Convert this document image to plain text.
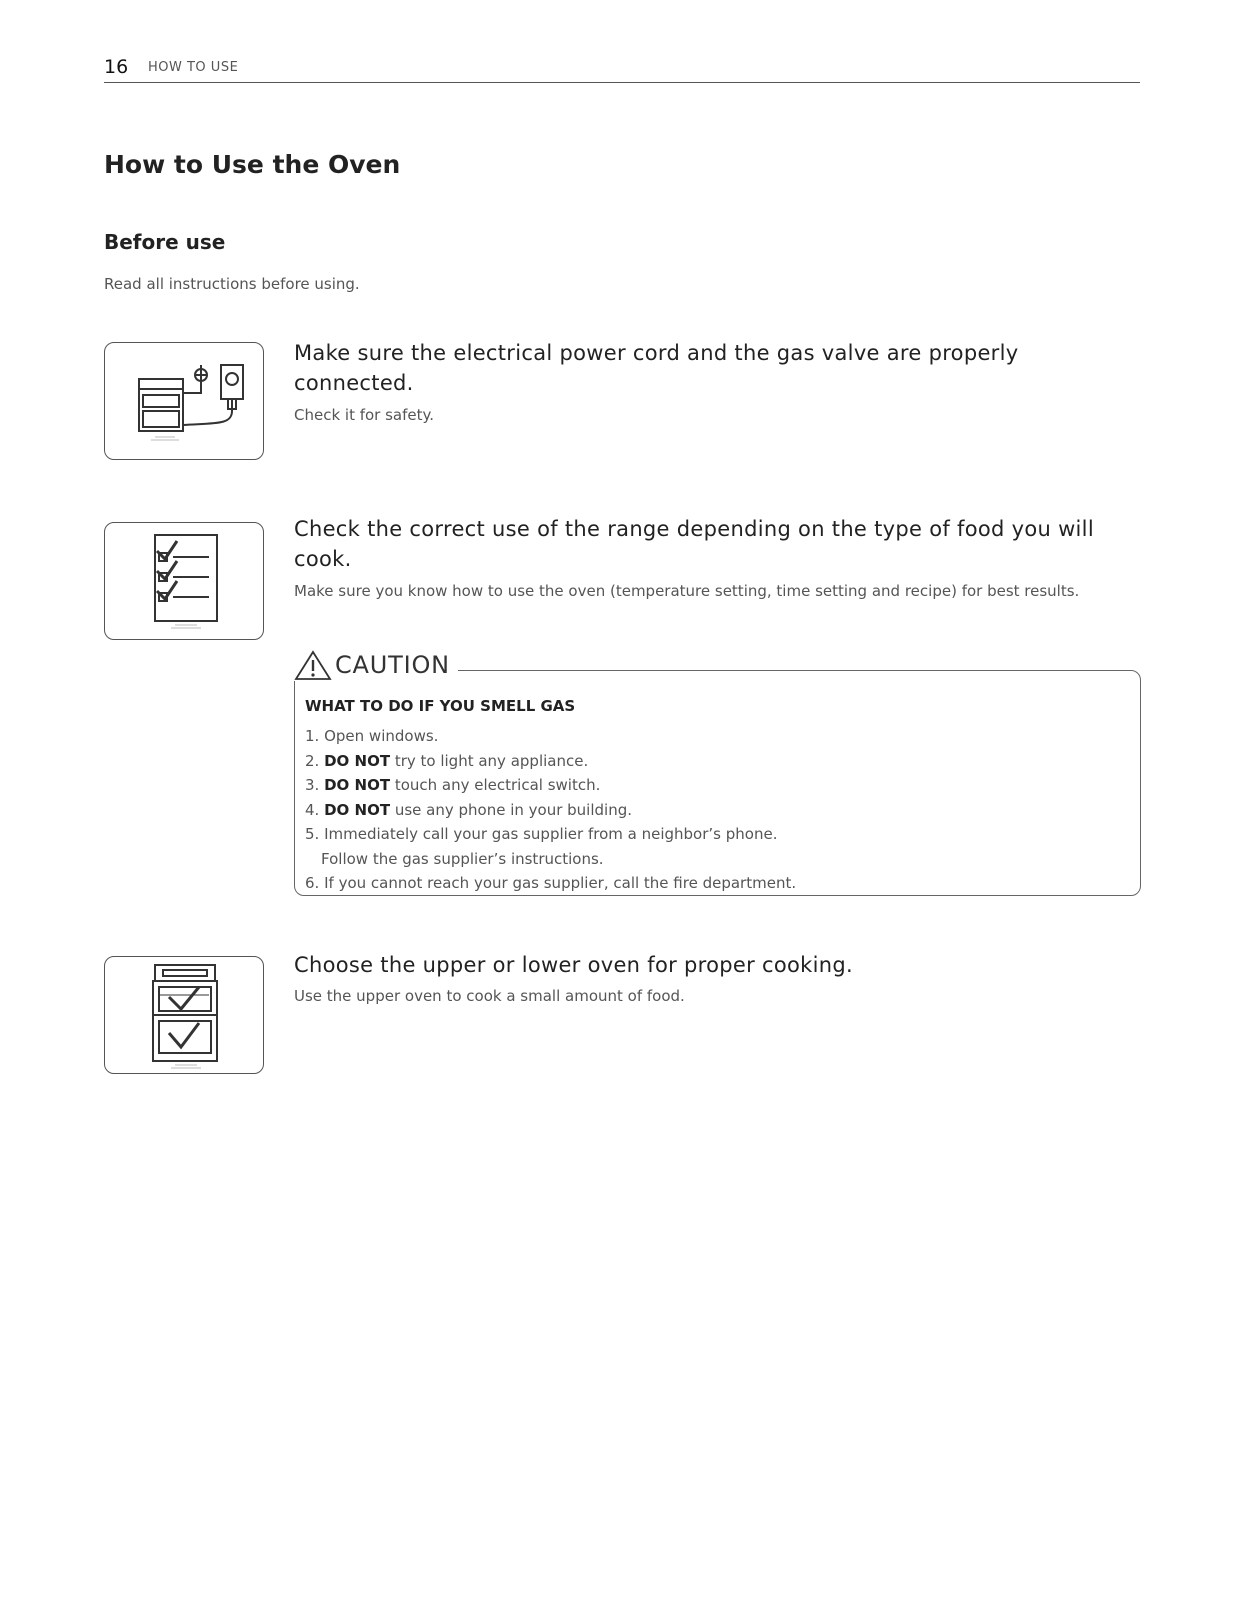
16 HOW TO USE
How to Use the Oven
Before use

Read all instructions before using.

Make sure the electrical power cord and the gas valve are properly connected.

Check it for safety.

Check the correct use of the range depending on the type of food you will cook.

Make sure you know how to use the oven (temperature setting, time setting and recipe) for best results.

CAUTION

WHAT TO DO IF YOU SMELL GAS

1. Open windows.
2. DO NOT try to light any appliance.
3. DO NOT touch any electrical switch.
4. DO NOT use any phone in your building.
5. Immediately call your gas supplier from a neighbor’s phone.
Follow the gas supplier’s instructions.
6. If you cannot reach your gas supplier, call the fire department.

Choose the upper or lower oven for proper cooking.

Use the upper oven to cook a small amount of food.
